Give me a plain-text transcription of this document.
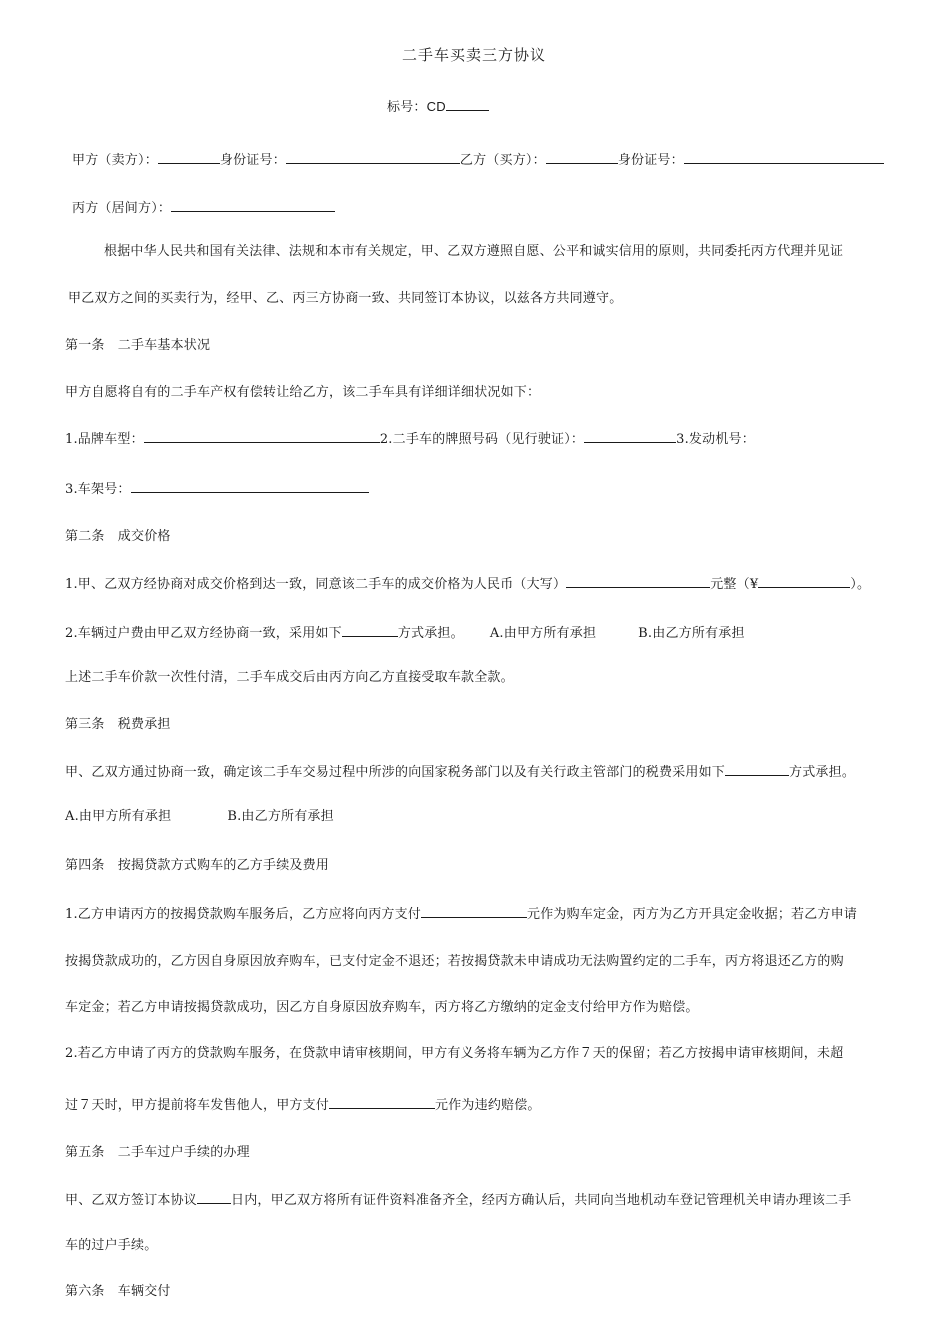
二手车买卖三方协议
标号：CD
甲方（卖方）：	身份证号：	乙方（买方）：	身份证号：
丙方（居间方）：
根据中华人民共和国有关法律、法规和本市有关规定，甲、乙双方遵照自愿、公平和诚实信用的原则，共同委托丙方代理并见证
甲乙双方之间的买卖行为，经甲、乙、丙三方协商一致、共同签订本协议，以兹各方共同遵守。
第一条　二手车基本状况
甲方自愿将自有的二手车产权有偿转让给乙方，该二手车具有详细详细状况如下：
1.品牌车型：	2.二手车的牌照号码（见行驶证）：	3.发动机号：
3.车架号：
第二条　成交价格
1.甲、乙双方经协商对成交价格到达一致，同意该二手车的成交价格为人民币（大写）	元整（¥	）。
2.车辆过户费由甲乙双方经协商一致，采用如下	方式承担。 A.由甲方所有承担	B.由乙方所有承担
上述二手车价款一次性付清，二手车成交后由丙方向乙方直接受取车款全款。
第三条　税费承担
甲、乙双方通过协商一致，确定该二手车交易过程中所涉的向国家税务部门以及有关行政主管部门的税费采用如下	方式承担。
A.由甲方所有承担	B.由乙方所有承担
第四条　按揭贷款方式购车的乙方手续及费用
1.乙方申请丙方的按揭贷款购车服务后，乙方应将向丙方支付	元作为购车定金，丙方为乙方开具定金收据；若乙方申请
按揭贷款成功的，乙方因自身原因放弃购车，已支付定金不退还；若按揭贷款未申请成功无法购置约定的二手车，丙方将退还乙方的购
车定金；若乙方申请按揭贷款成功，因乙方自身原因放弃购车，丙方将乙方缴纳的定金支付给甲方作为赔偿。
2.若乙方申请了丙方的贷款购车服务，在贷款申请审核期间，甲方有义务将车辆为乙方作７天的保留；若乙方按揭申请审核期间，未超
过７天时，甲方提前将车发售他人，甲方支付	元作为违约赔偿。
第五条　二手车过户手续的办理
甲、乙双方签订本协议	日内，甲乙双方将所有证件资料准备齐全，经丙方确认后，共同向当地机动车登记管理机关申请办理该二手
车的过户手续。
第六条　车辆交付
